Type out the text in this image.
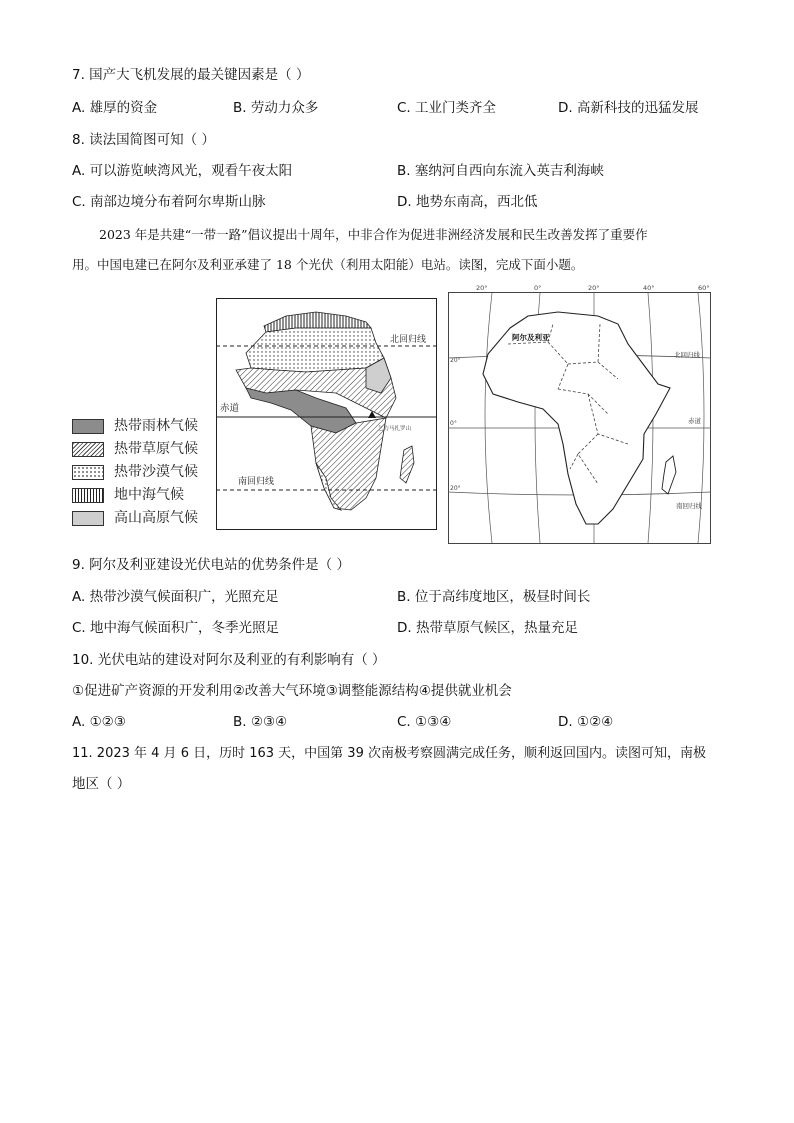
7. 国产大飞机发展的最关键因素是（ ）
A. 雄厚的资金	B. 劳动力众多	C. 工业门类齐全	D. 高新科技的迅猛发展
8. 读法国简图可知（ ）
A. 可以游览峡湾风光，观看午夜太阳	B. 塞纳河自西向东流入英吉利海峡
C. 南部边境分布着阿尔卑斯山脉	D. 地势东南高，西北低
2023 年是共建“一带一路”倡议提出十周年，中非合作为促进非洲经济发展和民生改善发挥了重要作
用。中国电建已在阿尔及利亚承建了 18 个光伏（利用太阳能）电站。读图，完成下面小题。
热带雨林气候
热带草原气候
热带沙漠气候
地中海气候
高山高原气候
北回归线
赤道
南回归线
乞力马扎罗山
20°	0°	20°	40°	60°
20°
0°
20°
阿尔及利亚
北回归线
赤道
南回归线
9. 阿尔及利亚建设光伏电站的优势条件是（ ）
A. 热带沙漠气候面积广，光照充足	B. 位于高纬度地区，极昼时间长
C. 地中海气候面积广，冬季光照足	D. 热带草原气候区，热量充足
10. 光伏电站的建设对阿尔及利亚的有利影响有（ ）
①促进矿产资源的开发利用②改善大气环境③调整能源结构④提供就业机会
A. ①②③	B. ②③④	C. ①③④	D. ①②④
11. 2023 年 4 月 6 日，历时 163 天，中国第 39 次南极考察圆满完成任务，顺利返回国内。读图可知，南极
地区（ ）
